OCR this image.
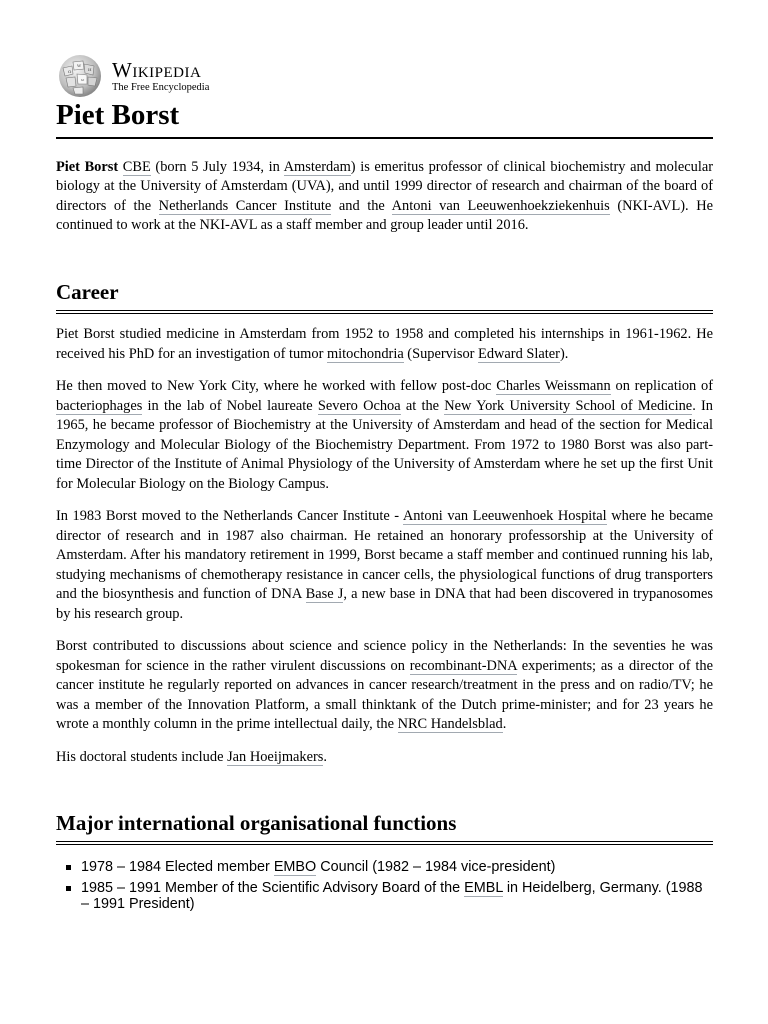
Ω
W
И
ω Wikipedia
The Free Encyclopedia
Piet Borst

Piet Borst CBE (born 5 July 1934, in Amsterdam) is emeritus professor of clinical biochemistry and molecular biology at the University of Amsterdam (UVA), and until 1999 director of research and chairman of the board of directors of the Netherlands Cancer Institute and the Antoni van Leeuwenhoekziekenhuis (NKI-AVL). He continued to work at the NKI-AVL as a staff member and group leader until 2016.

Career

Piet Borst studied medicine in Amsterdam from 1952 to 1958 and completed his internships in 1961-1962. He received his PhD for an investigation of tumor mitochondria (Supervisor Edward Slater).

He then moved to New York City, where he worked with fellow post-doc Charles Weissmann on replication of bacteriophages in the lab of Nobel laureate Severo Ochoa at the New York University School of Medicine. In 1965, he became professor of Biochemistry at the University of Amsterdam and head of the section for Medical Enzymology and Molecular Biology of the Biochemistry Department. From 1972 to 1980 Borst was also part-time Director of the Institute of Animal Physiology of the University of Amsterdam where he set up the first Unit for Molecular Biology on the Biology Campus.

In 1983 Borst moved to the Netherlands Cancer Institute - Antoni van Leeuwenhoek Hospital where he became director of research and in 1987 also chairman. He retained an honorary professorship at the University of Amsterdam. After his mandatory retirement in 1999, Borst became a staff member and continued running his lab, studying mechanisms of chemotherapy resistance in cancer cells, the physiological functions of drug transporters and the biosynthesis and function of DNA Base J, a new base in DNA that had been discovered in trypanosomes by his research group.

Borst contributed to discussions about science and science policy in the Netherlands: In the seventies he was spokesman for science in the rather virulent discussions on recombinant-DNA experiments; as a director of the cancer institute he regularly reported on advances in cancer research/treatment in the press and on radio/TV; he was a member of the Innovation Platform, a small thinktank of the Dutch prime-minister; and for 23 years he wrote a monthly column in the prime intellectual daily, the NRC Handelsblad.

His doctoral students include Jan Hoeijmakers.

Major international organisational functions
1978 – 1984 Elected member EMBO Council (1982 – 1984 vice-president)
1985 – 1991 Member of the Scientific Advisory Board of the EMBL in Heidelberg, Germany. (1988 – 1991 President)
